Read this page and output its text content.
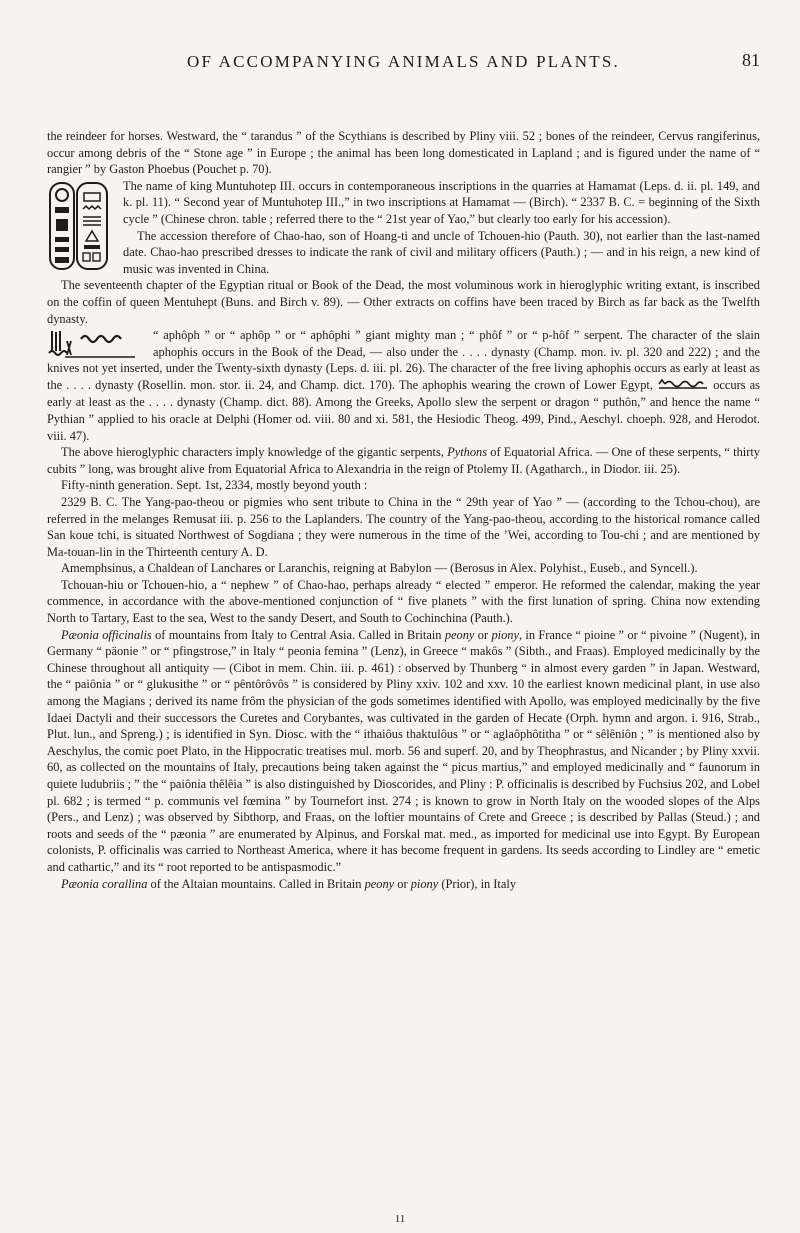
OF ACCOMPANYING ANIMALS AND PLANTS.	81

the reindeer for horses. Westward, the “ tarandus ” of the Scythians is described by Pliny viii. 52 ; bones of the reindeer, Cervus rangiferinus, occur among debris of the “ Stone age ” in Europe ; the animal has been long domesticated in Lapland ; and is figured under the name of “ rangier ” by Gaston Phoebus (Pouchet p. 70).

The name of king Muntuhotep III. occurs in contemporaneous inscriptions in the quarries at Hamamat (Leps. d. ii. pl. 149, and k. pl. 11). “ Second year of Muntuhotep III.,” in two inscriptions at Hamamat — (Birch). “ 2337 B. C. = beginning of the Sixth cycle ” (Chinese chron. table ; referred there to the “ 21st year of Yao,” but clearly too early for his accession).

The accession therefore of Chao-hao, son of Hoang-ti and uncle of Tchouen-hio (Pauth. 30), not earlier than the last-named date. Chao-hao prescribed dresses to indicate the rank of civil and military officers (Pauth.) ; — and in his reign, a new kind of music was invented in China.

The seventeenth chapter of the Egyptian ritual or Book of the Dead, the most voluminous work in hieroglyphic writing extant, is inscribed on the coffin of queen Mentuhept (Buns. and Birch v. 89). — Other extracts on coffins have been traced by Birch as far back as the Twelfth dynasty.

“ aphôph ” or “ aphôp ” or “ aphôphi ” giant mighty man ; “ phôf ” or “ p-hôf ” serpent. The character of the slain aphophis occurs in the Book of the Dead, — also under the . . . . dynasty (Champ. mon. iv. pl. 320 and 222) ; and the knives not yet inserted, under the Twenty-sixth dynasty (Leps. d. iii. pl. 26). The character of the free living aphophis occurs as early at least as the . . . . dynasty (Rosellin. mon. stor. ii. 24, and Champ. dict. 170). The aphophis wearing the crown of Lower Egypt,	occurs as early at least as the . . . . dynasty (Champ. dict. 88). Among the Greeks, Apollo slew the serpent or dragon “ puthôn,” and hence the name “ Pythian ” applied to his oracle at Delphi (Homer od. viii. 80 and xi. 581, the Hesiodic Theog. 499, Pind., Aeschyl. choeph. 928, and Herodot. viii. 47).

The above hieroglyphic characters imply knowledge of the gigantic serpents, Pythons of Equatorial Africa. — One of these serpents, “ thirty cubits ” long, was brought alive from Equatorial Africa to Alexandria in the reign of Ptolemy II. (Agatharch., in Diodor. iii. 25).

Fifty-ninth generation. Sept. 1st, 2334, mostly beyond youth :

2329 B. C. The Yang-pao-theou or pigmies who sent tribute to China in the “ 29th year of Yao ” — (according to the Tchou-chou), are referred in the melanges Remusat iii. p. 256 to the Laplanders. The country of the Yang-pao-theou, according to the historical romance called San koue tchi, is situated Northwest of Sogdiana ; they were numerous in the time of the ’Wei, according to Tou-chi ; and are mentioned by Ma-touan-lin in the Thirteenth century A. D.

Amemphsinus, a Chaldean of Lanchares or Laranchis, reigning at Babylon — (Berosus in Alex. Polyhist., Euseb., and Syncell.).

Tchouan-hiu or Tchouen-hio, a “ nephew ” of Chao-hao, perhaps already “ elected ” emperor. He reformed the calendar, making the year commence, in accordance with the above-mentioned conjunction of “ five planets ” with the first lunation of spring. China now extending North to Tartary, East to the sea, West to the sandy Desert, and South to Cochinchina (Pauth.).

Pæonia officinalis of mountains from Italy to Central Asia. Called in Britain peony or piony, in France “ pioine ” or “ pivoine ” (Nugent), in Germany “ päonie ” or “ pfingstrose,” in Italy “ peonia femina ” (Lenz), in Greece “ makôs ” (Sibth., and Fraas). Employed medicinally by the Chinese throughout all antiquity — (Cibot in mem. Chin. iii. p. 461) : observed by Thunberg “ in almost every garden ” in Japan. Westward, the “ paiônia ” or “ glukusithe ” or “ pêntôrôvôs ” is considered by Pliny xxiv. 102 and xxv. 10 the earliest known medicinal plant, in use also among the Magians ; derived its name frôm the physician of the gods sometimes identified with Apollo, was employed medicinally by the five Idaei Dactyli and their successors the Curetes and Corybantes, was cultivated in the garden of Hecate (Orph. hymn and argon. i. 916, Strab., Plut. lun., and Spreng.) ; is identified in Syn. Diosc. with the “ ithaiôus thaktulôus ” or “ aglaôphôtitha ” or “ sêlêniôn ; ” is mentioned also by Aeschylus, the comic poet Plato, in the Hippocratic treatises mul. morb. 56 and superf. 20, and by Theophrastus, and Nicander ; by Pliny xxvii. 60, as collected on the mountains of Italy, precautions being taken against the “ picus martius,” and employed medicinally and “ faunorum in quiete ludubriis ; ” the “ paiônia thêlêia ” is also distinguished by Dioscorides, and Pliny : P. officinalis is described by Fuchsius 202, and Lobel pl. 682 ; is termed “ p. communis vel fœmina ” by Tournefort inst. 274 ; is known to grow in North Italy on the wooded slopes of the Alps (Pers., and Lenz) ; was observed by Sibthorp, and Fraas, on the loftier mountains of Crete and Greece ; is described by Pallas (Steud.) ; and roots and seeds of the “ pæonia ” are enumerated by Alpinus, and Forskal mat. med., as imported for medicinal use into Egypt. By European colonists, P. officinalis was carried to Northeast America, where it has become frequent in gardens. Its seeds according to Lindley are “ emetic and cathartic,” and its “ root reported to be antispasmodic.”

Pæonia corallina of the Altaian mountains. Called in Britain peony or piony (Prior), in Italy

11
